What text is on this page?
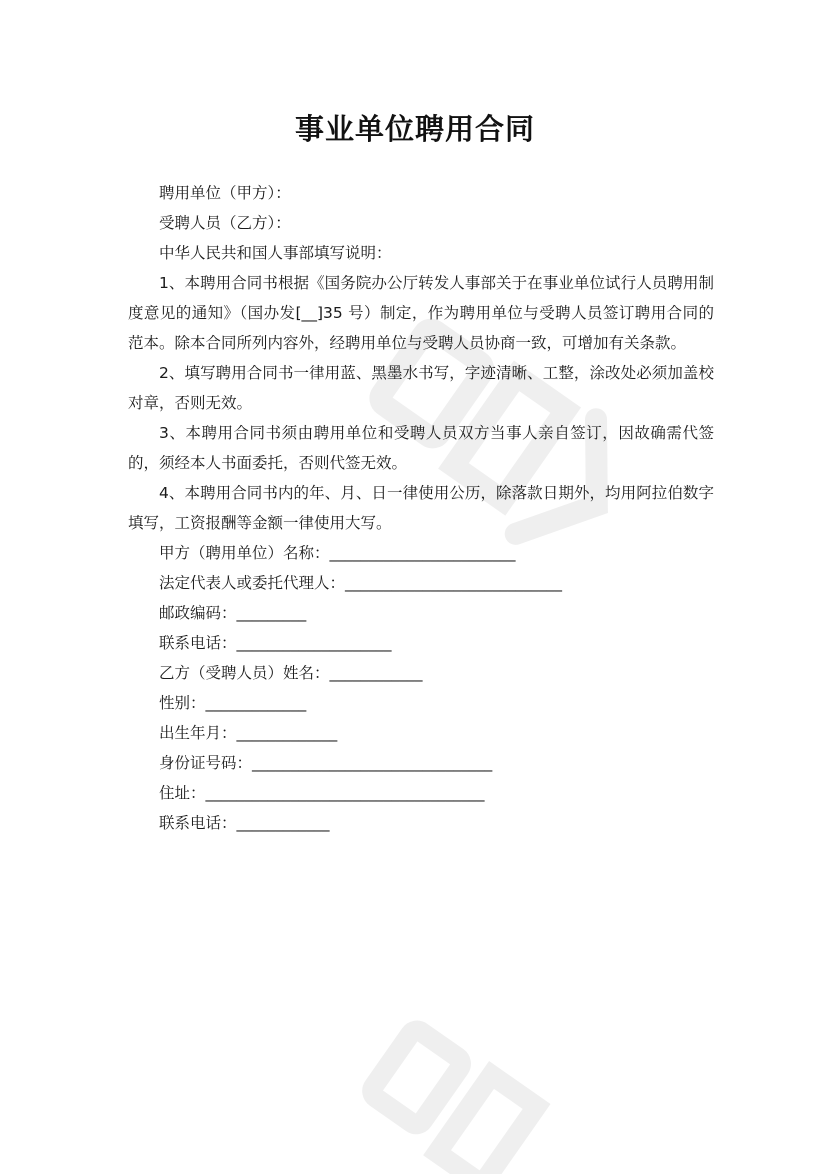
事业单位聘用合同
聘用单位（甲方）：
受聘人员（乙方）：
中华人民共和国人事部填写说明：
1、本聘用合同书根据《国务院办公厅转发人事部关于在事业单位试行人员聘用制度意见的通知》（国办发[__]35 号）制定，作为聘用单位与受聘人员签订聘用合同的范本。除本合同所列内容外，经聘用单位与受聘人员协商一致，可增加有关条款。
2、填写聘用合同书一律用蓝、黑墨水书写，字迹清晰、工整，涂改处必须加盖校对章，否则无效。
3、本聘用合同书须由聘用单位和受聘人员双方当事人亲自签订，因故确需代签的，须经本人书面委托，否则代签无效。
4、本聘用合同书内的年、月、日一律使用公历，除落款日期外，均用阿拉伯数字填写，工资报酬等金额一律使用大写。
甲方（聘用单位）名称：________________________
法定代表人或委托代理人：____________________________
邮政编码：_________
联系电话：____________________
乙方（受聘人员）姓名：____________
性别：_____________
出生年月：_____________
身份证号码：_______________________________
住址：____________________________________
联系电话：____________
